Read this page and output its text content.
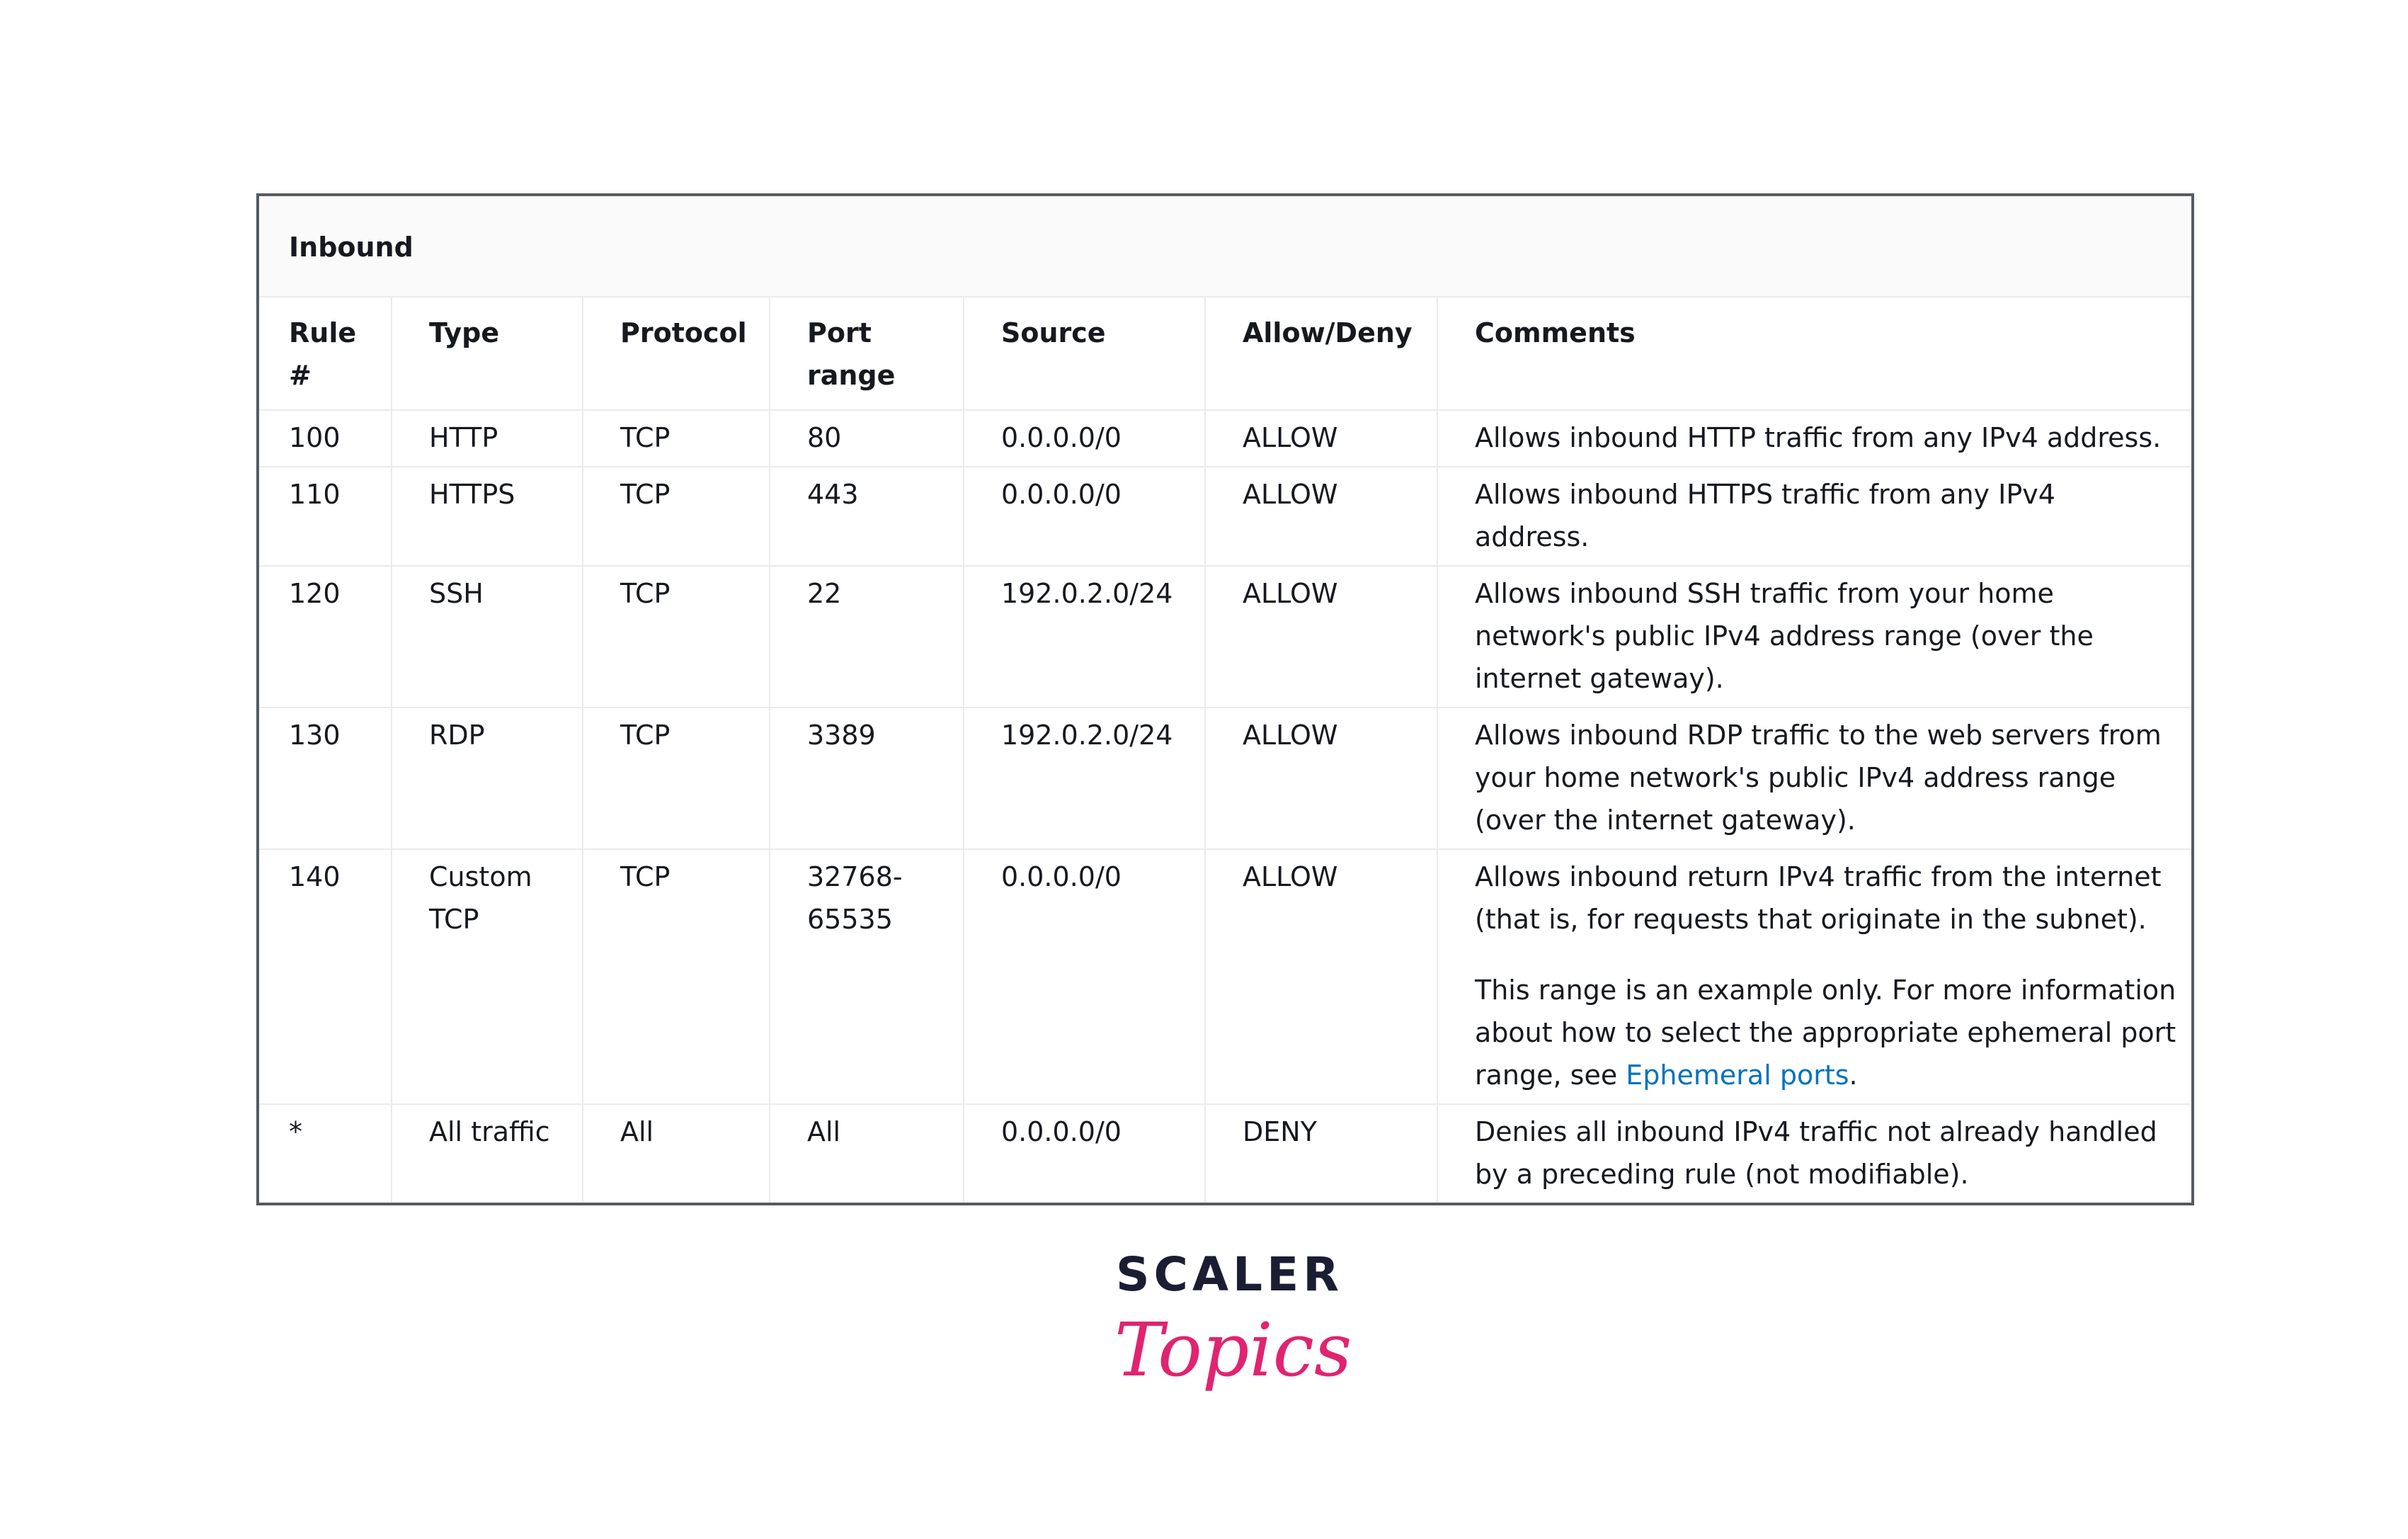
Inbound
Rule #	Type	Protocol	Port range	Source	Allow/Deny	Comments
100	HTTP	TCP	80	0.0.0.0/0	ALLOW	Allows inbound HTTP traffic from any IPv4 address.
110	HTTPS	TCP	443	0.0.0.0/0	ALLOW	Allows inbound HTTPS traffic from any IPv4 address.
120	SSH	TCP	22	192.0.2.0/24	ALLOW	Allows inbound SSH traffic from your home network's public IPv4 address range (over the internet gateway).
130	RDP	TCP	3389	192.0.2.0/24	ALLOW	Allows inbound RDP traffic to the web servers from your home network's public IPv4 address range (over the internet gateway).
140	Custom TCP	TCP	32768-65535	0.0.0.0/0	ALLOW	Allows inbound return IPv4 traffic from the internet (that is, for requests that originate in the subnet).
This range is an example only. For more information about how to select the appropriate ephemeral port range, see Ephemeral ports.

*	All traffic	All	All	0.0.0.0/0	DENY	Denies all inbound IPv4 traffic not already handled by a preceding rule (not modifiable).
SCALER
Topics
